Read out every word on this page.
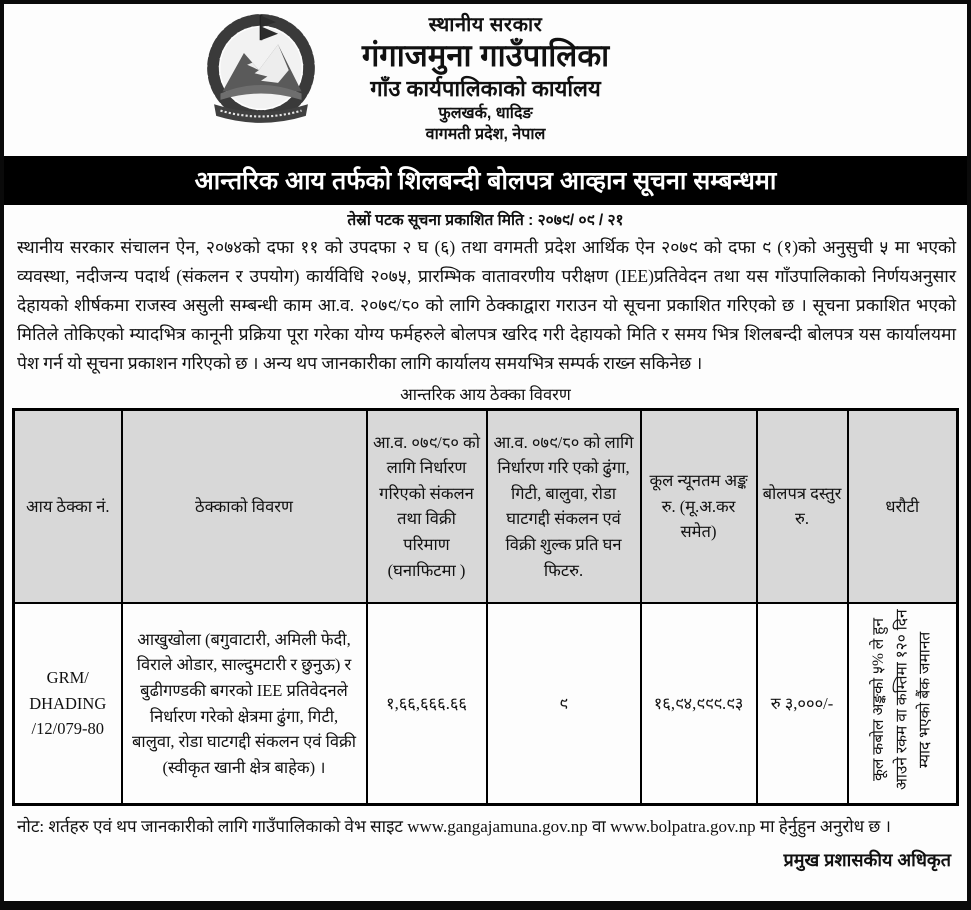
स्थानीय सरकार
गंगाजमुना गाउँपालिका
गाँउ कार्यपालिकाको कार्यालय
फुलखर्क, धादिङ
वागमती प्रदेश, नेपाल
आन्तरिक आय तर्फको शिलबन्दी बोलपत्र आव्हान सूचना सम्बन्धमा
तेस्रों पटक सूचना प्रकाशित मिति : २०७९/ ०९ / २१

स्थानीय सरकार संचालन ऐन, २०७४को दफा ११ को उपदफा २ घ (६) तथा वगमती प्रदेश आर्थिक ऐन २०७९ को दफा ९ (१)को अनुसुची ५ मा भएको व्यवस्था, नदीजन्य पदार्थ (संकलन र उपयोग) कार्यविधि २०७५, प्रारम्भिक वातावरणीय परीक्षण (IEE)प्रतिवेदन तथा यस गाँउपालिकाको निर्णयअनुसार देहायको शीर्षकमा राजस्व असुली सम्बन्धी काम आ.व. २०७९/८० को लागि ठेक्काद्वारा गराउन यो सूचना प्रकाशित गरिएको छ । सूचना प्रकाशित भएको मितिले तोकिएको म्यादभित्र कानूनी प्रक्रिया पूरा गरेका योग्य फर्महरुले बोलपत्र खरिद गरी देहायको मिति र समय भित्र शिलबन्दी बोलपत्र यस कार्यालयमा पेश गर्न यो सूचना प्रकाशन गरिएको छ । अन्य थप जानकारीका लागि कार्यालय समयभित्र सम्पर्क राख्न सकिनेछ ।

आन्तरिक आय ठेक्का विवरण
आय ठेक्का नं.	ठेक्काको विवरण	आ.व. ०७९/८० को लागि निर्धारण गरिएको संकलन तथा विक्री परिमाण (घनाफिटमा )	आ.व. ०७९/८० को लागि निर्धारण गरि एको ढुंगा, गिटी, बालुवा, रोडा घाटगद्दी संकलन एवं विक्री शुल्क प्रति घन फिटरु.	कूल न्यूनतम अङ्क रु. (मू.अ.कर समेत)	बोलपत्र दस्तुर रु.	धरौटी
GRM/ DHADING /12/079-80	आखुखोला (बगुवाटारी, अमिली फेदी, विराले ओडार, साल्दुमटारी र छुनुऊ) र बुढीगण्डकी बगरको IEE प्रतिवेदनले निर्धारण गरेको क्षेत्रमा ढुंगा, गिटी, बालुवा, रोडा घाटगद्दी संकलन एवं विक्री (स्वीकृत खानी क्षेत्र बाहेक) ।	१,६६,६६६.६६	९	१६,९४,९९९.९३	रु ३,०००/-	कूल कबोल अङ्कको ५% ले हुन आउने रकम वा कम्तिमा १२० दिन म्याद भएको बैंक जमानत

नोट: शर्तहरु एवं थप जानकारीको लागि गाउँपालिकाको वेभ साइट www.gangajamuna.gov.np वा www.bolpatra.gov.np मा हेर्नुहुन अनुरोध छ ।

प्रमुख प्रशासकीय अधिकृत
